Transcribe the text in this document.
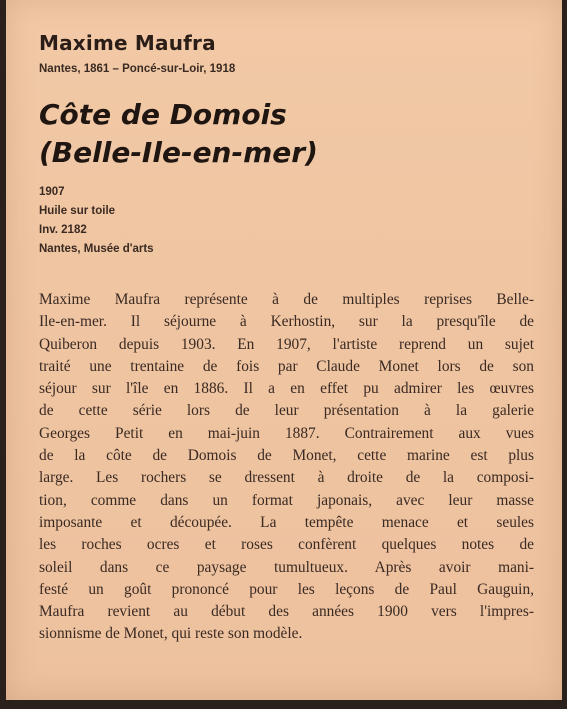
Maxime Maufra
Nantes, 1861 – Poncé-sur-Loir, 1918
Côte de Domois
(Belle-Ile-en-mer)
1907
Huile sur toile
Inv. 2182
Nantes, Musée d'arts
Maxime Maufra représente à de multiples reprises Belle-
Ile-en-mer. Il séjourne à Kerhostin, sur la presqu'île de
Quiberon depuis 1903. En 1907, l'artiste reprend un sujet
traité une trentaine de fois par Claude Monet lors de son
séjour sur l'île en 1886. Il a en effet pu admirer les œuvres
de cette série lors de leur présentation à la galerie
Georges Petit en mai-juin 1887. Contrairement aux vues
de la côte de Domois de Monet, cette marine est plus
large. Les rochers se dressent à droite de la composi-
tion, comme dans un format japonais, avec leur masse
imposante et découpée. La tempête menace et seules
les roches ocres et roses confèrent quelques notes de
soleil dans ce paysage tumultueux. Après avoir mani-
festé un goût prononcé pour les leçons de Paul Gauguin,
Maufra revient au début des années 1900 vers l'impres-
sionnisme de Monet, qui reste son modèle.
